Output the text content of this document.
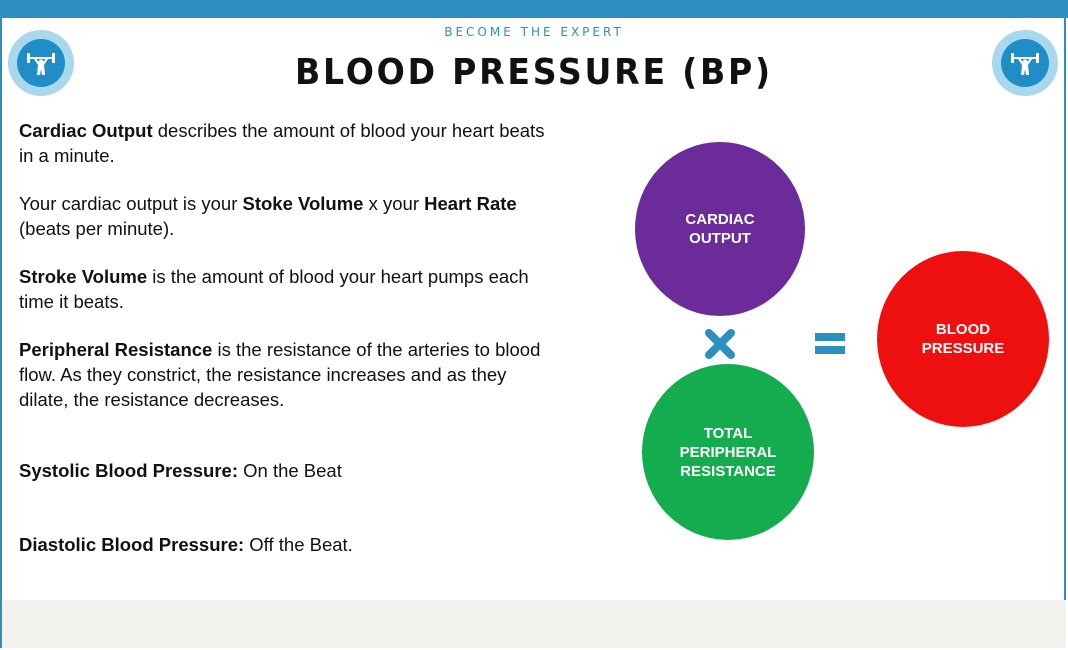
BECOME THE EXPERT
BLOOD PRESSURE (BP)

Cardiac Output describes the amount of blood your heart beats in a minute.

Your cardiac output is your Stoke Volume x your Heart Rate (beats per minute).

Stroke Volume is the amount of blood your heart pumps each time it beats.

Peripheral Resistance is the resistance of the arteries to blood flow. As they constrict, the resistance increases and as they dilate, the resistance decreases.

Systolic Blood Pressure: On the Beat

Diastolic Blood Pressure: Off the Beat.

CARDIAC
OUTPUT
TOTAL
PERIPHERAL
RESISTANCE
BLOOD
PRESSURE
